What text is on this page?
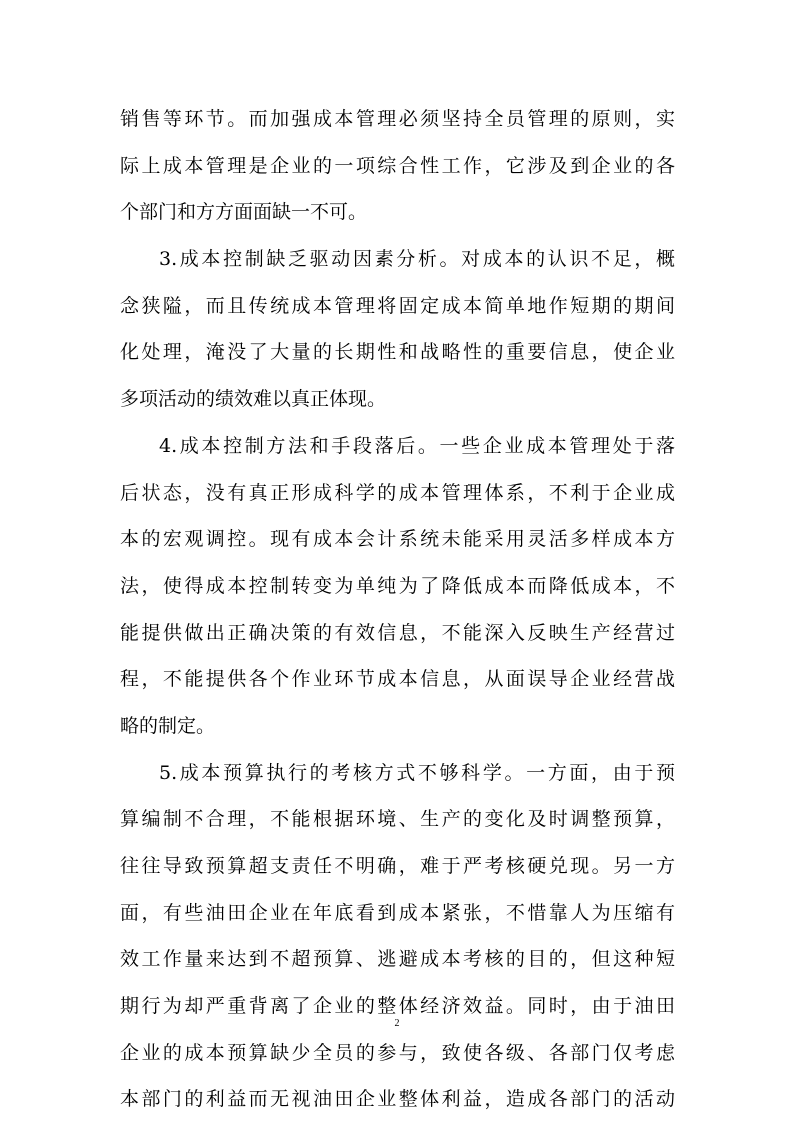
销售等环节。而加强成本管理必须坚持全员管理的原则，实
际上成本管理是企业的一项综合性工作，它涉及到企业的各
个部门和方方面面缺一不可。
3.成本控制缺乏驱动因素分析。对成本的认识不足，概
念狭隘，而且传统成本管理将固定成本简单地作短期的期间
化处理，淹没了大量的长期性和战略性的重要信息，使企业
多项活动的绩效难以真正体现。
4.成本控制方法和手段落后。一些企业成本管理处于落
后状态，没有真正形成科学的成本管理体系，不利于企业成
本的宏观调控。现有成本会计系统未能采用灵活多样成本方
法，使得成本控制转变为单纯为了降低成本而降低成本，不
能提供做出正确决策的有效信息，不能深入反映生产经营过
程，不能提供各个作业环节成本信息，从面误导企业经营战
略的制定。
5.成本预算执行的考核方式不够科学。一方面，由于预
算编制不合理，不能根据环境、生产的变化及时调整预算，
往往导致预算超支责任不明确，难于严考核硬兑现。另一方
面，有些油田企业在年底看到成本紧张，不惜靠人为压缩有
效工作量来达到不超预算、逃避成本考核的目的，但这种短
期行为却严重背离了企业的整体经济效益。同时，由于油田
企业的成本预算缺少全员的参与，致使各级、各部门仅考虑
本部门的利益而无视油田企业整体利益，造成各部门的活动
2
